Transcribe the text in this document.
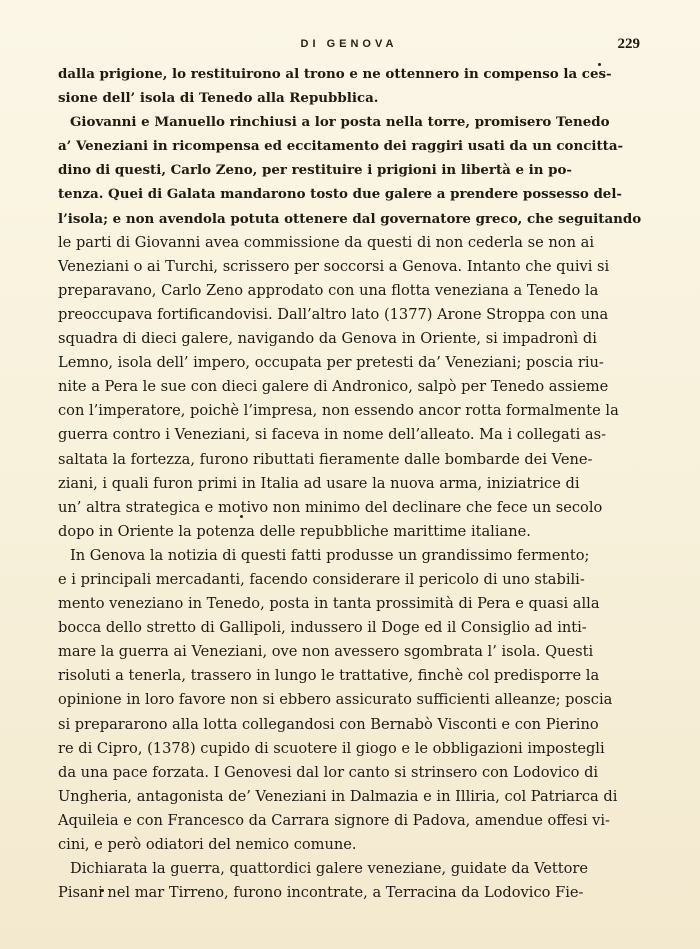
DI GENOVA	229
dalla prigione, lo restituirono al trono e ne ottennero in compenso la ces-
sione dell’ isola di Tenedo alla Repubblica.
Giovanni e Manuello rinchiusi a lor posta nella torre, promisero Tenedo
a’ Veneziani in ricompensa ed eccitamento dei raggiri usati da un concitta-
dino di questi, Carlo Zeno, per restituire i prigioni in libertà e in po-
tenza. Quei di Galata mandarono tosto due galere a prendere possesso del-
l’isola; e non avendola potuta ottenere dal governatore greco, che seguitando
le parti di Giovanni avea commissione da questi di non cederla se non ai
Veneziani o ai Turchi, scrissero per soccorsi a Genova. Intanto che quivi si
preparavano, Carlo Zeno approdato con una flotta veneziana a Tenedo la
preoccupava fortificandovisi. Dall’altro lato (1377) Arone Stroppa con una
squadra di dieci galere, navigando da Genova in Oriente, si impadronì di
Lemno, isola dell’ impero, occupata per pretesti da’ Veneziani; poscia riu-
nite a Pera le sue con dieci galere di Andronico, salpò per Tenedo assieme
con l’imperatore, poichè l’impresa, non essendo ancor rotta formalmente la
guerra contro i Veneziani, si faceva in nome dell’alleato. Ma i collegati as-
saltata la fortezza, furono ributtati fieramente dalle bombarde dei Vene-
ziani, i quali furon primi in Italia ad usare la nuova arma, iniziatrice di
un’ altra strategica e motivo non minimo del declinare che fece un secolo
dopo in Oriente la potenza delle repubbliche marittime italiane.
In Genova la notizia di questi fatti produsse un grandissimo fermento;
e i principali mercadanti, facendo considerare il pericolo di uno stabili-
mento veneziano in Tenedo, posta in tanta prossimità di Pera e quasi alla
bocca dello stretto di Gallipoli, indussero il Doge ed il Consiglio ad inti-
mare la guerra ai Veneziani, ove non avessero sgombrata l’ isola. Questi
risoluti a tenerla, trassero in lungo le trattative, finchè col predisporre la
opinione in loro favore non si ebbero assicurato sufficienti alleanze; poscia
si prepararono alla lotta collegandosi con Bernabò Visconti e con Pierino
re di Cipro, (1378) cupido di scuotere il giogo e le obbligazioni impostegli
da una pace forzata. I Genovesi dal lor canto si strinsero con Lodovico di
Ungheria, antagonista de’ Veneziani in Dalmazia e in Illiria, col Patriarca di
Aquileia e con Francesco da Carrara signore di Padova, amendue offesi vi-
cini, e però odiatori del nemico comune.
Dichiarata la guerra, quattordici galere veneziane, guidate da Vettore
Pisani nel mar Tirreno, furono incontrate, a Terracina da Lodovico Fie-
